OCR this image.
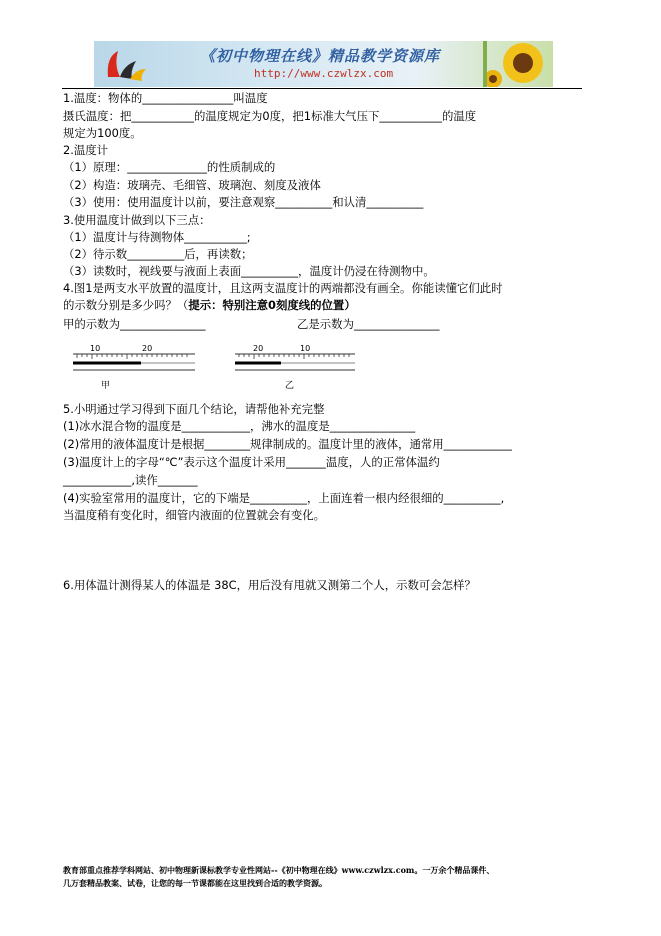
《初中物理在线》精品教学资源库
http://www.czwlzx.com
1.温度：物体的________________叫温度
摄氏温度：把___________的温度规定为0度，把1标准大气压下___________的温度
规定为100度。
2.温度计
（1）原理：______________的性质制成的
（2）构造：玻璃壳、毛细管、玻璃泡、刻度及液体
（3）使用：使用温度计以前，要注意观察__________和认清__________
3.使用温度计做到以下三点：
（1）温度计与待测物体___________;
（2）待示数__________后，再读数；
（3）读数时，视线要与液面上表面__________，温度计仍浸在待测物中。
4.图1是两支水平放置的温度计，且这两支温度计的两端都没有画全。你能读懂它们此时
的示数分别是多少吗？（提示：特别注意0刻度线的位置）
甲的示数为_______________	乙是示数为_______________
10	20
甲
20	10
乙
5.小明通过学习得到下面几个结论，请帮他补充完整
(1)冰水混合物的温度是____________，沸水的温度是_______________
(2)常用的液体温度计是根据________规律制成的。温度计里的液体，通常用____________
(3)温度计上的字母“℃”表示这个温度计采用_______温度，人的正常体温约
____________,读作_______
(4)实验室常用的温度计，它的下端是__________，上面连着一根内经很细的__________,
当温度稍有变化时，细管内液面的位置就会有变化。
6.用体温计测得某人的体温是 38C，用后没有甩就又测第二个人，示数可会怎样？
教育部重点推荐学科网站、初中物理新课标教学专业性网站--《初中物理在线》www.czwlzx.com。一万余个精品课件、
几万套精品教案、试卷，让您的每一节课都能在这里找到合适的教学资源。
